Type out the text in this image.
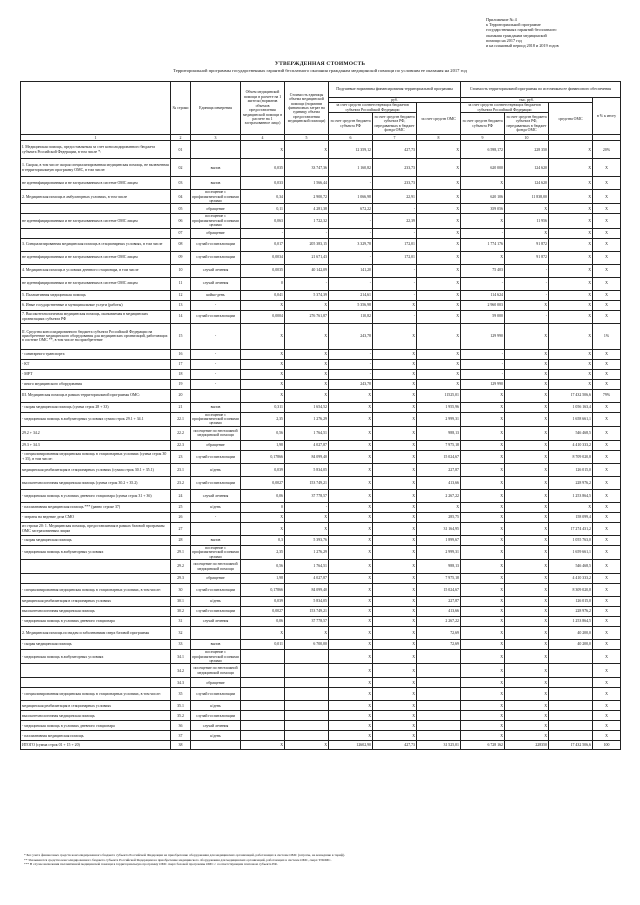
Приложение № 4
к Территориальной программе
государственных гарантий бесплатного
оказания гражданам медицинской
помощи на 2017 год
и на плановый период 2018 и 2019 годов
УТВЕРЖДЕННАЯ СТОИМОСТЬ
Территориальной программы государственных гарантий бесплатного оказания гражданам медицинской помощи по условиям ее оказания на 2017 год
	№ строки	Единица измерения	Объем медицинской помощи в расчете на 1 жителя (норматив объемов предоставления медицинской помощи в расчете на 1 застрахованное лицо)	Стоимость единицы объема медицинской помощи (норматив финансовых затрат на единицу объема предоставления медицинской помощи)	Подушевые нормативы финансирования территориальной программы			Стоимость территориальной программы по источникам ее финансового обеспечения			
					руб.			тыс. руб.			в % к итогу
					за счет средств соответствующих бюджетов субъекта Российской Федерации		за счет средств ОМС	за счет средств соответствующих бюджетов субъекта Российской Федерации		средства ОМС	
					за счет средств бюджета субъекта РФ	за счет средств бюджета субъекта РФ, передаваемых в бюджет фонда ОМС		за счет средств бюджета субъекта РФ	за счет средств бюджета субъекта РФ, передаваемых в бюджет фонда ОМС		
1	2	3	4	5	6	7	8	9	10		
I. Медицинская помощь, предоставляемая за счет консолидированного бюджета субъекта Российской Федерации, в том числе *:	01		X	X	12 359,12	427,73	X	6 598,172	228 350	X	20%
1. Скорая, в том числе скорая специализированная медицинская помощь, не включенная в территориальную программу ОМС, в том числе:	02	вызов	0,035	33 747,36	1 160,82	233,73	X	620 000	124 620	X	X
не идентифицированным и не застрахованным в системе ОМС лицам	03	вызов	0,033	1 566,44	-	233,73	X	X	124 620	X	X
2. Медицинская помощь в амбулаторных условиях, в том числе	04	посещение с профилактической и иными целями	0,34	2 900,72	1 066,98	22,91	X	620 106	11 838,00	X	X
	05	обращение	0,11	4 281,38	672,22	-	X	359 056	X	X	X
не идентифицированным и не застрахованным в системе ОМС лицам	06	посещение с профилактической и иными целями	0,063	1 722,32	-	22,39	X	X	11 956	X	X
	07	обращение	-	-	-	-	X	-	X	X	X
3. Специализированная медицинская помощь в стационарных условиях, в том числе	08	случай госпитализации	0,017	205 383,15	3 329,78	172,01	X	1 774 176	91 872	X	X
не идентифицированным и не застрахованным в системе ОМС лицам	09	случай госпитализации	0,0034	21 671,43	-	172,01	X	X	91 872	X	X
4. Медицинская помощь в условиях дневного стационара, в том числе	10	случай лечения	0,0035	40 142,09	141,20	-	X	75 403	-	X	X
не идентифицированным и не застрахованным в системе ОМС лицам	11	случай лечения	0	-	-	-	X	-	-	X	X
5. Паллиативная медицинская помощь	12	койко-день	0,041	5 374,39	214,61	-	X	114 624	-	X	X
6. Иные государственные и муниципальные услуги (работы)	13	-	X	X	5 356,98	X	X	2 960 003	X	X	X
7. Высокотехнологичная медицинская помощь, оказываемая в медицинских организациях субъекта РФ	14	случай госпитализации	0,0004	276 761,87	110,82	-	X	59 000	-	X	X
II. Средства консолидированного бюджета субъекта Российской Федерации на приобретение медицинского оборудования для медицинских организаций, работающих в системе ОМС **, в том числе на приобретение	15	-	X	X	243,78	X	X	129 990	X	X	1%
- санитарного транспорта	16	-	X	X	-	X	X	-	X	X	X
- КТ	17	-	X	X	-	X	X	-	X	X	X
- МРТ	18	-	X	X	-	X	X	-	X	X	X
- иного медицинского оборудования	19	-	X	X	243,78	X	X	129 990	X	X	X
III. Медицинская помощь в рамках территориальной программы ОМС:	20		X	X	X	X	11525,01	X	X	17 432 506,6	79%
- скорая медицинская помощь (сумма строк 28 + 33)	21	вызов	0,311	1 654,52	X	X	1 955,96	X	X	1 056 163,4	X
- медицинская помощь в амбулаторных условиях сумма строк 29.1 + 34.1	22.1	посещение с профилактической и иными целями	2,35	1 276,29	X	X	2 999,31	X	X	1 658 661,1	X
29.2 + 34.2	22.2	посещение по неотложной медицинской помощи	0,56	1 764,51	X	X	988,13	X	X	546 468,5	X
29.3 + 34.3	22.3	обращение	1,98	4 027,87	X	X	7 975,18	X	X	4 410 333,2	X
- специализированная медицинская помощь в стационарных условиях (сумма строк 30 + 35), в том числе:	23	случай госпитализации	0,17866	84 099,40	X	X	15 024,67	X	X	8 709 020,8	X
медицинская реабилитация в стационарных условиях (сумма строк 30.1 + 35.1)	23.1	к/день	0,039	5 834,05	X	X	227,87	X	X	126 015,0	X
высокотехнологичная медицинская помощь (сумма строк 30.2 + 35.2)	23.2	случай госпитализации	0,0027	153 749,21	X	X	413,66	X	X	228 976,2	X
- медицинская помощь в условиях дневного стационара (сумма строк 31 + 36)	24	случай лечения	0,06	37 778,57	X	X	2 267,22	X	X	1 253 864,5	X
- паллиативная медицинская помощь *** (равно строке 37)	25	к/день	0	-	X	X	X	X	X	X	X
- затраты на ведение дела СМО	26	-	X	X	X	X	285,75	X	X	158 099,4	X
из строки 20: 1. Медицинская помощь, предоставляемая в рамках базовой программы ОМС застрахованным лицам	27		X	X	X	X	31 164,95	X	X	17 274 431,2	X
- скорая медицинская помощь	28	вызов	0,3	5 393,76	X	X	1 899,67	X	X	1 055 763,0	X
- медицинская помощь в амбулаторных условиях	29.1	посещение с профилактической и иными целями	2,35	1 276,29	X	X	2 999,31	X	X	1 659 661,1	X
	29.2	посещение по неотложной медицинской помощи	0,56	1 764,51	X	X	988,13	X	X	546 468,5	X
	29.3	обращение	1,98	4 027,87	X	X	7 975,18	X	X	4 410 333,2	X
- специализированная медицинская помощь в стационарных условиях, в том числе:	30	случай госпитализации	0,17866	84 099,40	X	X	15 024,67	X	X	8 309 020,8	X
медицинская реабилитация в стационарных условиях	30.1	к/день	0,039	5 834,05	X	X	227,87	X	X	126 015,0	X
высокотехнологичная медицинская помощь	30.2	случай госпитализации	0,0027	153 749,21	X	X	413,66	X	X	228 976,2	X
- медицинская помощь в условиях дневного стационара	31	случай лечения	0,06	37 778,57	X	X	2 267,22	X	X	1 253 864,5	X
2. Медицинская помощь по видам и заболеваниям сверх базовой программы	32		X	X	X	X	72,69	X	X	40 200,0	X
- скорая медицинская помощь	33	вызов	0,011	6 700,00	X	X	72,69	X	X	40 200,0	X
- медицинская помощь в амбулаторных условиях	34.1	посещение с профилактической и иными целями			X	X		X	X		X
	34.2	посещение по неотложной медицинской помощи			X	X		X	X		X
	34.3	обращение			X	X		X	X		X
- специализированная медицинская помощь в стационарных условиях, в том числе:	35	случай госпитализации			X	X		X	X		X
медицинская реабилитация в стационарных условиях	35.1	к/день			X	X		X	X		X
высокотехнологичная медицинская помощь	35.2	случай госпитализации			X	X		X	X		X
- медицинская помощь в условиях дневного стационара	36	случай лечения			X	X		X	X		X
- паллиативная медицинская помощь	37	к/день			X	X		X	X		X
ИТОГО (сумма строк 01 + 15 + 20)	38		X	X	12602,90	427,73	31 525,01	6 728 162	228350	17 432 506,6	100
* Без учета финансовых средств консолидированного бюджета субъекта Российской Федерации на приобретение оборудования для медицинских организаций, работающих в системе ОМС (затраты, не вошедшие в тариф).
** Указываются средства консолидированного бюджета субъекта Российской Федерации на приобретение медицинского оборудования для медицинских организаций, работающих в системе ОМС, сверх ТПОМС.
*** В случае включения паллиативной медицинской помощи в территориальную программу ОМС сверх базовой программы ОМС с соответствующим платежом субъекта РФ.
